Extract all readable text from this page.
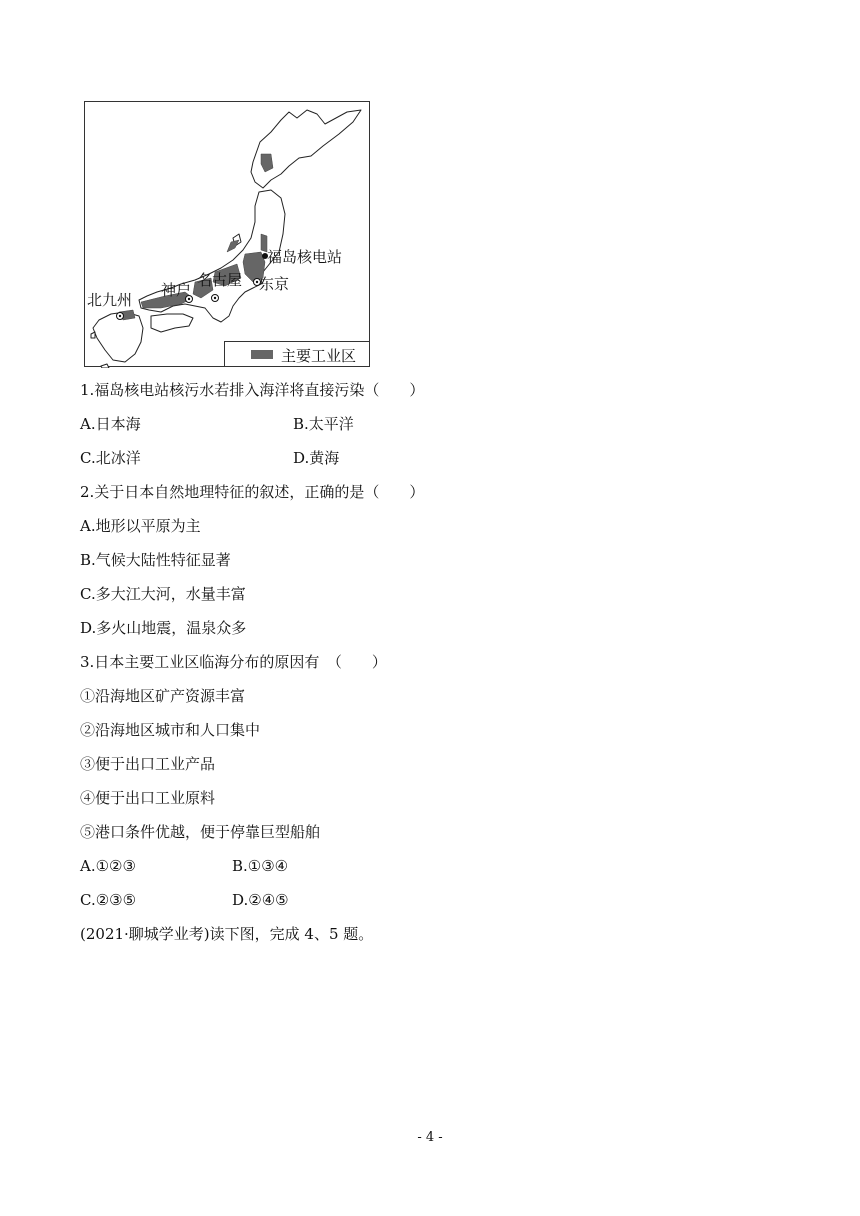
福岛核电站
名古屋 东京
神户
北九州
主要工业区
1.福岛核电站核污水若排入海洋将直接污染（　　）
A.日本海	B.太平洋
C.北冰洋	D.黄海
2.关于日本自然地理特征的叙述，正确的是（　　）
A.地形以平原为主
B.气候大陆性特征显著
C.多大江大河，水量丰富
D.多火山地震，温泉众多
3.日本主要工业区临海分布的原因有　（　　）
①沿海地区矿产资源丰富
②沿海地区城市和人口集中
③便于出口工业产品
④便于出口工业原料
⑤港口条件优越，便于停靠巨型船舶
A.①②③	B.①③④
C.②③⑤	D.②④⑤
(2021·聊城学业考)读下图，完成 4、5 题。
- 4 -
